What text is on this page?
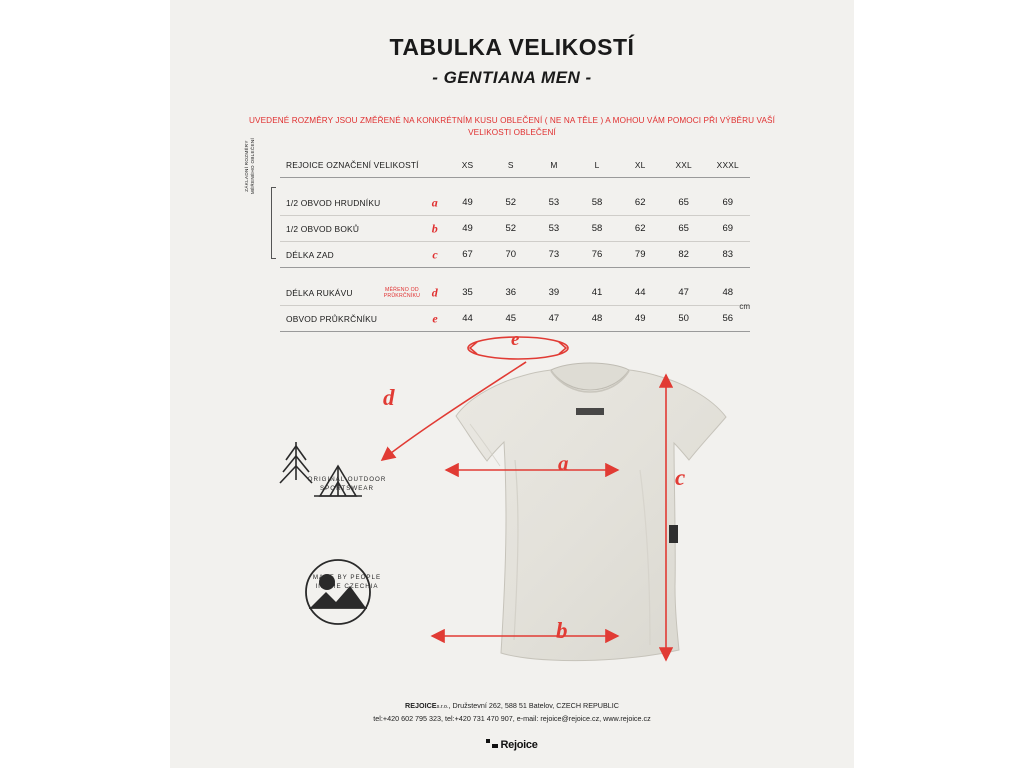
TABULKA VELIKOSTÍ
- GENTIANA MEN -
UVEDENÉ ROZMĚRY JSOU ZMĚŘENÉ NA KONKRÉTNÍM KUSU OBLEČENÍ ( NE NA TĚLE ) A MOHOU VÁM POMOCI PŘI VÝBĚRU VAŠÍ VELIKOSTI OBLEČENÍ
ZÁKLADNÍ ROZMĚRY MĚŘENÉHO OBLEČENÍ	REJOICE OZNAČENÍ VELIKOSTÍ	XS	S	M	L	XL	XXL	XXXL

1/2 OBVOD HRUDNÍKU a	49	52	53	58	62	65	69
1/2 OBVOD BOKŮ b	49	52	53	58	62	65	69
DÉLKA ZAD c	67	70	73	76	79	82	83

DÉLKA RUKÁVU MĚŘENO OD PRŮKRČNÍKU d	35	36	39	41	44	47	48
OBVOD PRŮKRČNÍKU e	44	45	47	48	49	50	56
cm
e
d
a
b
c
ORIGINAL OUTDOOR
SPORTSWEAR
MADE BY PEOPLE
IN THE CZECHIA
REJOICEs.r.o., Družstevní 262, 588 51 Batelov, CZECH REPUBLIC
tel:+420 602 795 323, tel:+420 731 470 907, e-mail: rejoice@rejoice.cz, www.rejoice.cz
Rejoice
